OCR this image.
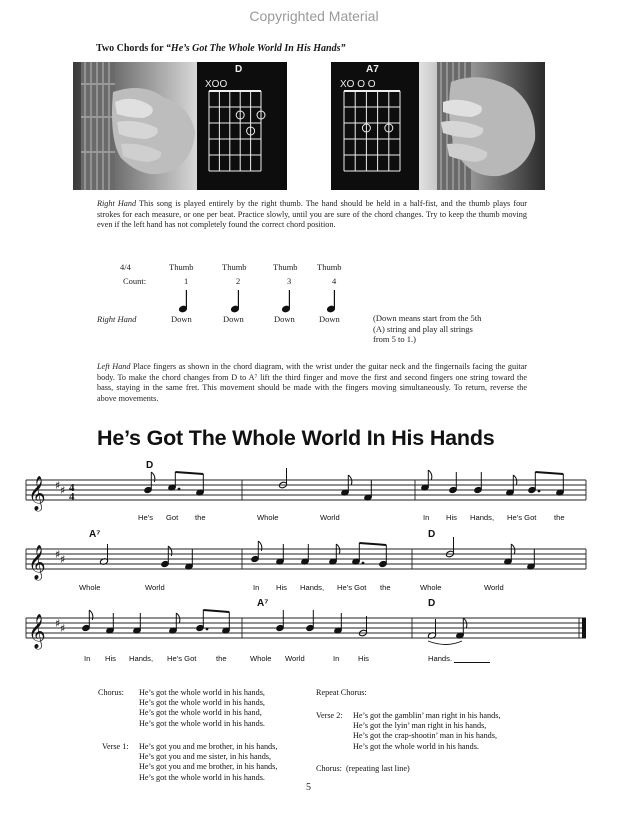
Copyrighted Material
Two Chords for “He’s Got The Whole World In His Hands”
D
XOO
A7
XO O O
Right Hand This song is played entirely by the right thumb. The hand should be held in a half-fist, and the thumb plays four strokes for each measure, or one per beat. Practice slowly, until you are sure of the chord changes. Try to keep the thumb moving even if the left hand has not completely found the correct chord position.
4/4
Count:
Thumb	Thumb	Thumb Thumb
1	2	3	4
Right Hand	Down	Down	Down	Down	(Down means start from the 5th
(A) string and play all strings
from 5 to 1.)
Left Hand Place fingers as shown in the chord diagram, with the wrist under the guitar neck and the fingernails facing the guitar body. To make the chord changes from D to A⁷ lift the third finger and move the first and second fingers one string toward the bass, staying in the same fret. This movement should be made with the fingers moving simultaneously. To return, reverse the above movements.
He’s Got The Whole World In His Hands
D
𝄞 ♯ ♯ 4
4
He’s Got the	Whole	World	In His Hands, He’s Got the
A⁷	D
𝄞 ♯ ♯
Whole	World	In His Hands, He’s Got the	Whole	World
A⁷	D
𝄞 ♯ ♯
In His Hands, He’s Got	the	Whole World	In His	Hands.
Chorus: He’s got the whole world in his hands,
He’s got the whole world in his hands,
He’s got the whole world in his hand,
He’s got the whole world in his hands.
Verse 1: He’s got you and me brother, in his hands,
He’s got you and me sister, in his hands,
He’s got you and me brother, in his hands,
He’s got the whole world in his hands.
Repeat Chorus:
Verse 2: He’s got the gamblin’ man right in his hands,
He’s got the lyin’ man right in his hands,
He’s got the crap-shootin’ man in his hands,
He’s got the whole world in his hands.
Chorus: (repeating last line)
5
